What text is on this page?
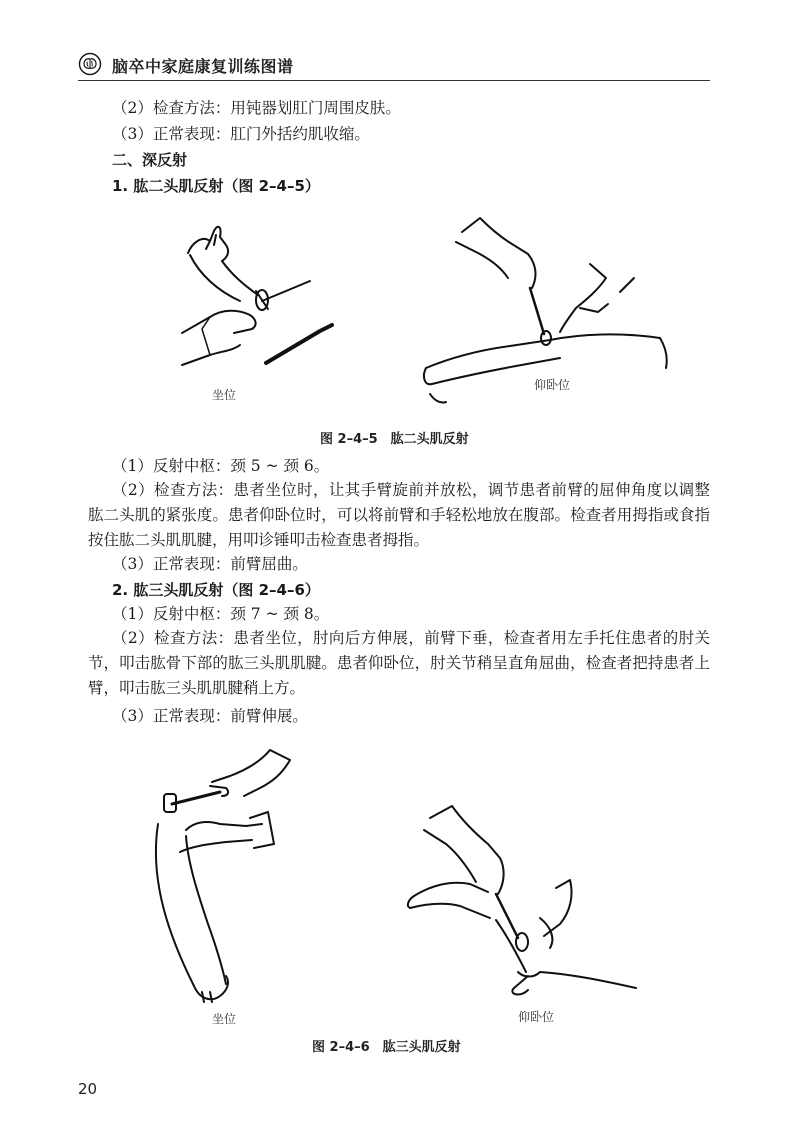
脑卒中家庭康复训练图谱
（2）检查方法：用钝器划肛门周围皮肤。
（3）正常表现：肛门外括约肌收缩。
二、深反射
1. 肱二头肌反射（图 2–4–5）
坐位
仰卧位
图 2–4–5　肱二头肌反射
（1）反射中枢：颈 5 ~ 颈 6。
（2）检查方法：患者坐位时，让其手臂旋前并放松，调节患者前臂的屈伸角度以调整肱二头肌的紧张度。患者仰卧位时，可以将前臂和手轻松地放在腹部。检查者用拇指或食指按住肱二头肌肌腱，用叩诊锤叩击检查患者拇指。
（3）正常表现：前臂屈曲。
2. 肱三头肌反射（图 2–4–6）
（1）反射中枢：颈 7 ~ 颈 8。
（2）检查方法：患者坐位，肘向后方伸展，前臂下垂，检查者用左手托住患者的肘关节，叩击肱骨下部的肱三头肌肌腱。患者仰卧位，肘关节稍呈直角屈曲，检查者把持患者上臂，叩击肱三头肌肌腱稍上方。
（3）正常表现：前臂伸展。
坐位	仰卧位
图 2–4–6　肱三头肌反射
20
